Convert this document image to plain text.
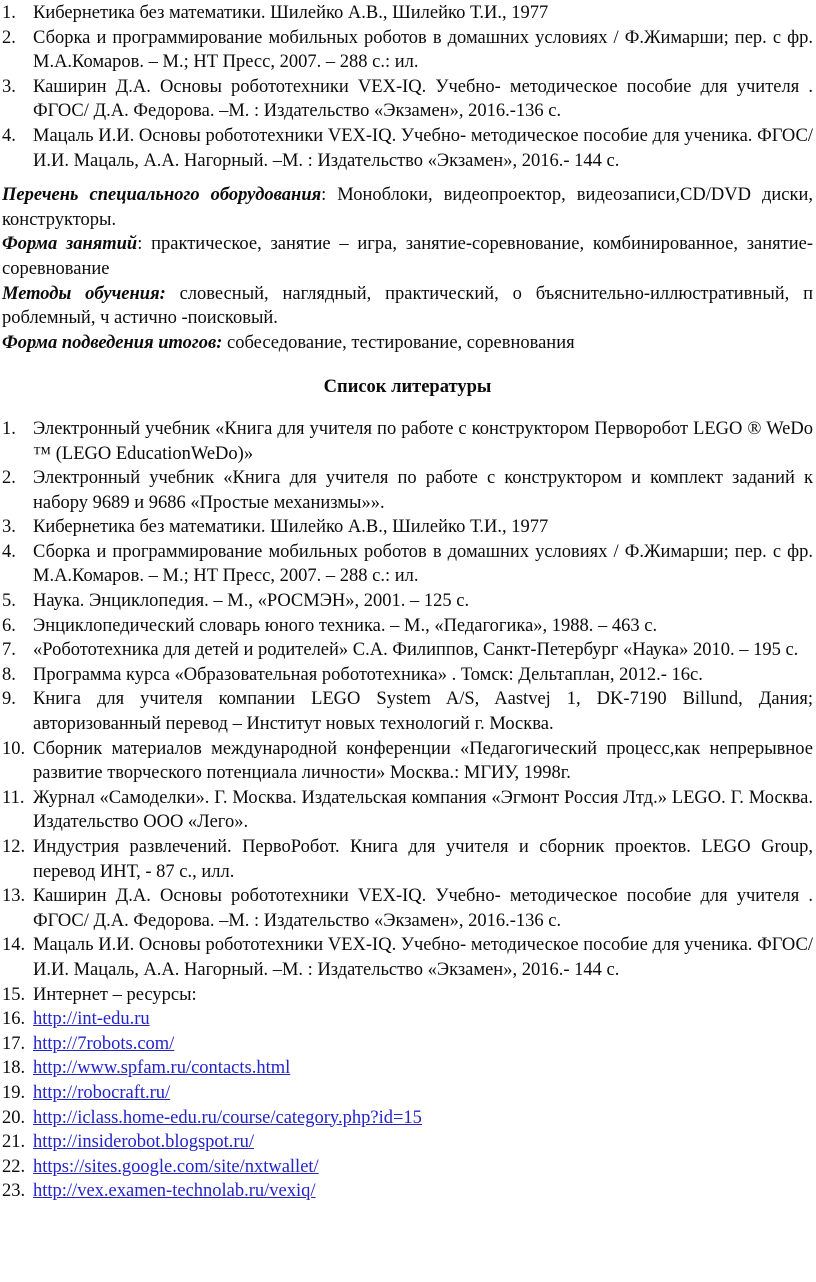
1. Кибернетика без математики. Шилейко А.В., Шилейко Т.И., 1977
2. Сборка и программирование мобильных роботов в домашних условиях / Ф.Жимарши; пер. с фр. М.А.Комаров. – М.; НТ Пресс, 2007. – 288 с.: ил.
3. Каширин Д.А. Основы робототехники VEX-IQ. Учебно- методическое пособие для учителя . ФГОС/ Д.А. Федорова. –М. : Издательство «Экзамен», 2016.-136 с.
4. Мацаль И.И. Основы робототехники VEX-IQ. Учебно- методическое пособие для ученика. ФГОС/ И.И. Мацаль, А.А. Нагорный. –М. : Издательство «Экзамен», 2016.- 144 с.
Перечень специального оборудования: Моноблоки, видеопроектор, видеозаписи,CD/DVD диски, конструкторы.
Форма занятий: практическое, занятие – игра, занятие-соревнование, комбинированное, занятие-соревнование
Методы обучения: словесный, наглядный, практический, о бъяснительно-иллюстративный, п роблемный, ч астично -поисковый.
Форма подведения итогов: собеседование, тестирование, соревнования
Список литературы
1. Электронный учебник «Книга для учителя по работе с конструктором Перворобот LEGO ® WeDo ™ (LEGO EducationWeDo)»
2. Электронный учебник «Книга для учителя по работе с конструктором и комплект заданий к набору 9689 и 9686 «Простые механизмы»».
3. Кибернетика без математики. Шилейко А.В., Шилейко Т.И., 1977
4. Сборка и программирование мобильных роботов в домашних условиях / Ф.Жимарши; пер. с фр. М.А.Комаров. – М.; НТ Пресс, 2007. – 288 с.: ил.
5. Наука. Энциклопедия. – М., «РОСМЭН», 2001. – 125 с.
6. Энциклопедический словарь юного техника. – М., «Педагогика», 1988. – 463 с.
7. «Робототехника для детей и родителей» С.А. Филиппов, Санкт-Петербург «Наука» 2010. – 195 с.
8. Программа курса «Образовательная робототехника» . Томск: Дельтаплан, 2012.- 16с.
9. Книга для учителя компании LEGO System A/S, Aastvej 1, DK-7190 Billund, Дания; авторизованный перевод – Институт новых технологий г. Москва.
10. Сборник материалов международной конференции «Педагогический процесс,как непрерывное развитие творческого потенциала личности» Москва.: МГИУ, 1998г.
11. Журнал «Самоделки». Г. Москва. Издательская компания «Эгмонт Россия Лтд.» LEGO. Г. Москва. Издательство ООО «Лего».
12. Индустрия развлечений. ПервоРобот. Книга для учителя и сборник проектов. LEGO Group, перевод ИНТ, - 87 с., илл.
13. Каширин Д.А. Основы робототехники VEX-IQ. Учебно- методическое пособие для учителя . ФГОС/ Д.А. Федорова. –М. : Издательство «Экзамен», 2016.-136 с.
14. Мацаль И.И. Основы робототехники VEX-IQ. Учебно- методическое пособие для ученика. ФГОС/ И.И. Мацаль, А.А. Нагорный. –М. : Издательство «Экзамен», 2016.- 144 с.
15. Интернет – ресурсы:
16. http://int-edu.ru
17. http://7robots.com/
18. http://www.spfam.ru/contacts.html
19. http://robocraft.ru/
20. http://iclass.home-edu.ru/course/category.php?id=15
21. http://insiderobot.blogspot.ru/
22. https://sites.google.com/site/nxtwallet/
23. http://vex.examen-technolab.ru/vexiq/
